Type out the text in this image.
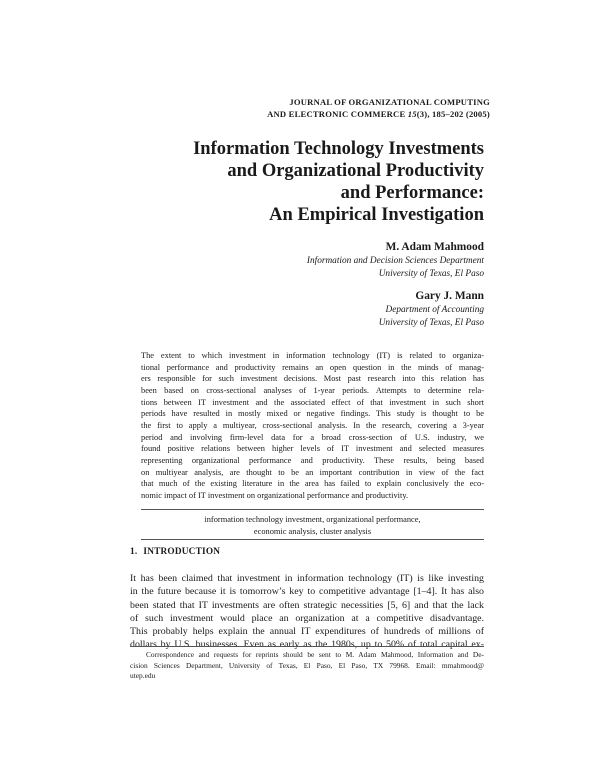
JOURNAL OF ORGANIZATIONAL COMPUTING
AND ELECTRONIC COMMERCE 15(3), 185–202 (2005)
Information Technology Investments
and Organizational Productivity
and Performance:
An Empirical Investigation
M. Adam Mahmood
Information and Decision Sciences Department
University of Texas, El Paso
Gary J. Mann
Department of Accounting
University of Texas, El Paso
The extent to which investment in information technology (IT) is related to organiza-
tional performance and productivity remains an open question in the minds of manag-
ers responsible for such investment decisions. Most past research into this relation has
been based on cross-sectional analyses of 1-year periods. Attempts to determine rela-
tions between IT investment and the associated effect of that investment in such short
periods have resulted in mostly mixed or negative findings. This study is thought to be
the first to apply a multiyear, cross-sectional analysis. In the research, covering a 3-year
period and involving firm-level data for a broad cross-section of U.S. industry, we
found positive relations between higher levels of IT investment and selected measures
representing organizational performance and productivity. These results, being based
on multiyear analysis, are thought to be an important contribution in view of the fact
that much of the existing literature in the area has failed to explain conclusively the eco-
nomic impact of IT investment on organizational performance and productivity.
information technology investment, organizational performance,
economic analysis, cluster analysis
1. INTRODUCTION
It has been claimed that investment in information technology (IT) is like investing
in the future because it is tomorrow’s key to competitive advantage [1–4]. It has also
been stated that IT investments are often strategic necessities [5, 6] and that the lack
of such investment would place an organization at a competitive disadvantage.
This probably helps explain the annual IT expenditures of hundreds of millions of
dollars by U.S. businesses. Even as early as the 1980s, up to 50% of total capital ex-
Correspondence and requests for reprints should be sent to M. Adam Mahmood, Information and De-
cision Sciences Department, University of Texas, El Paso, El Paso, TX 79968. Email: mmahmood@
utep.edu
